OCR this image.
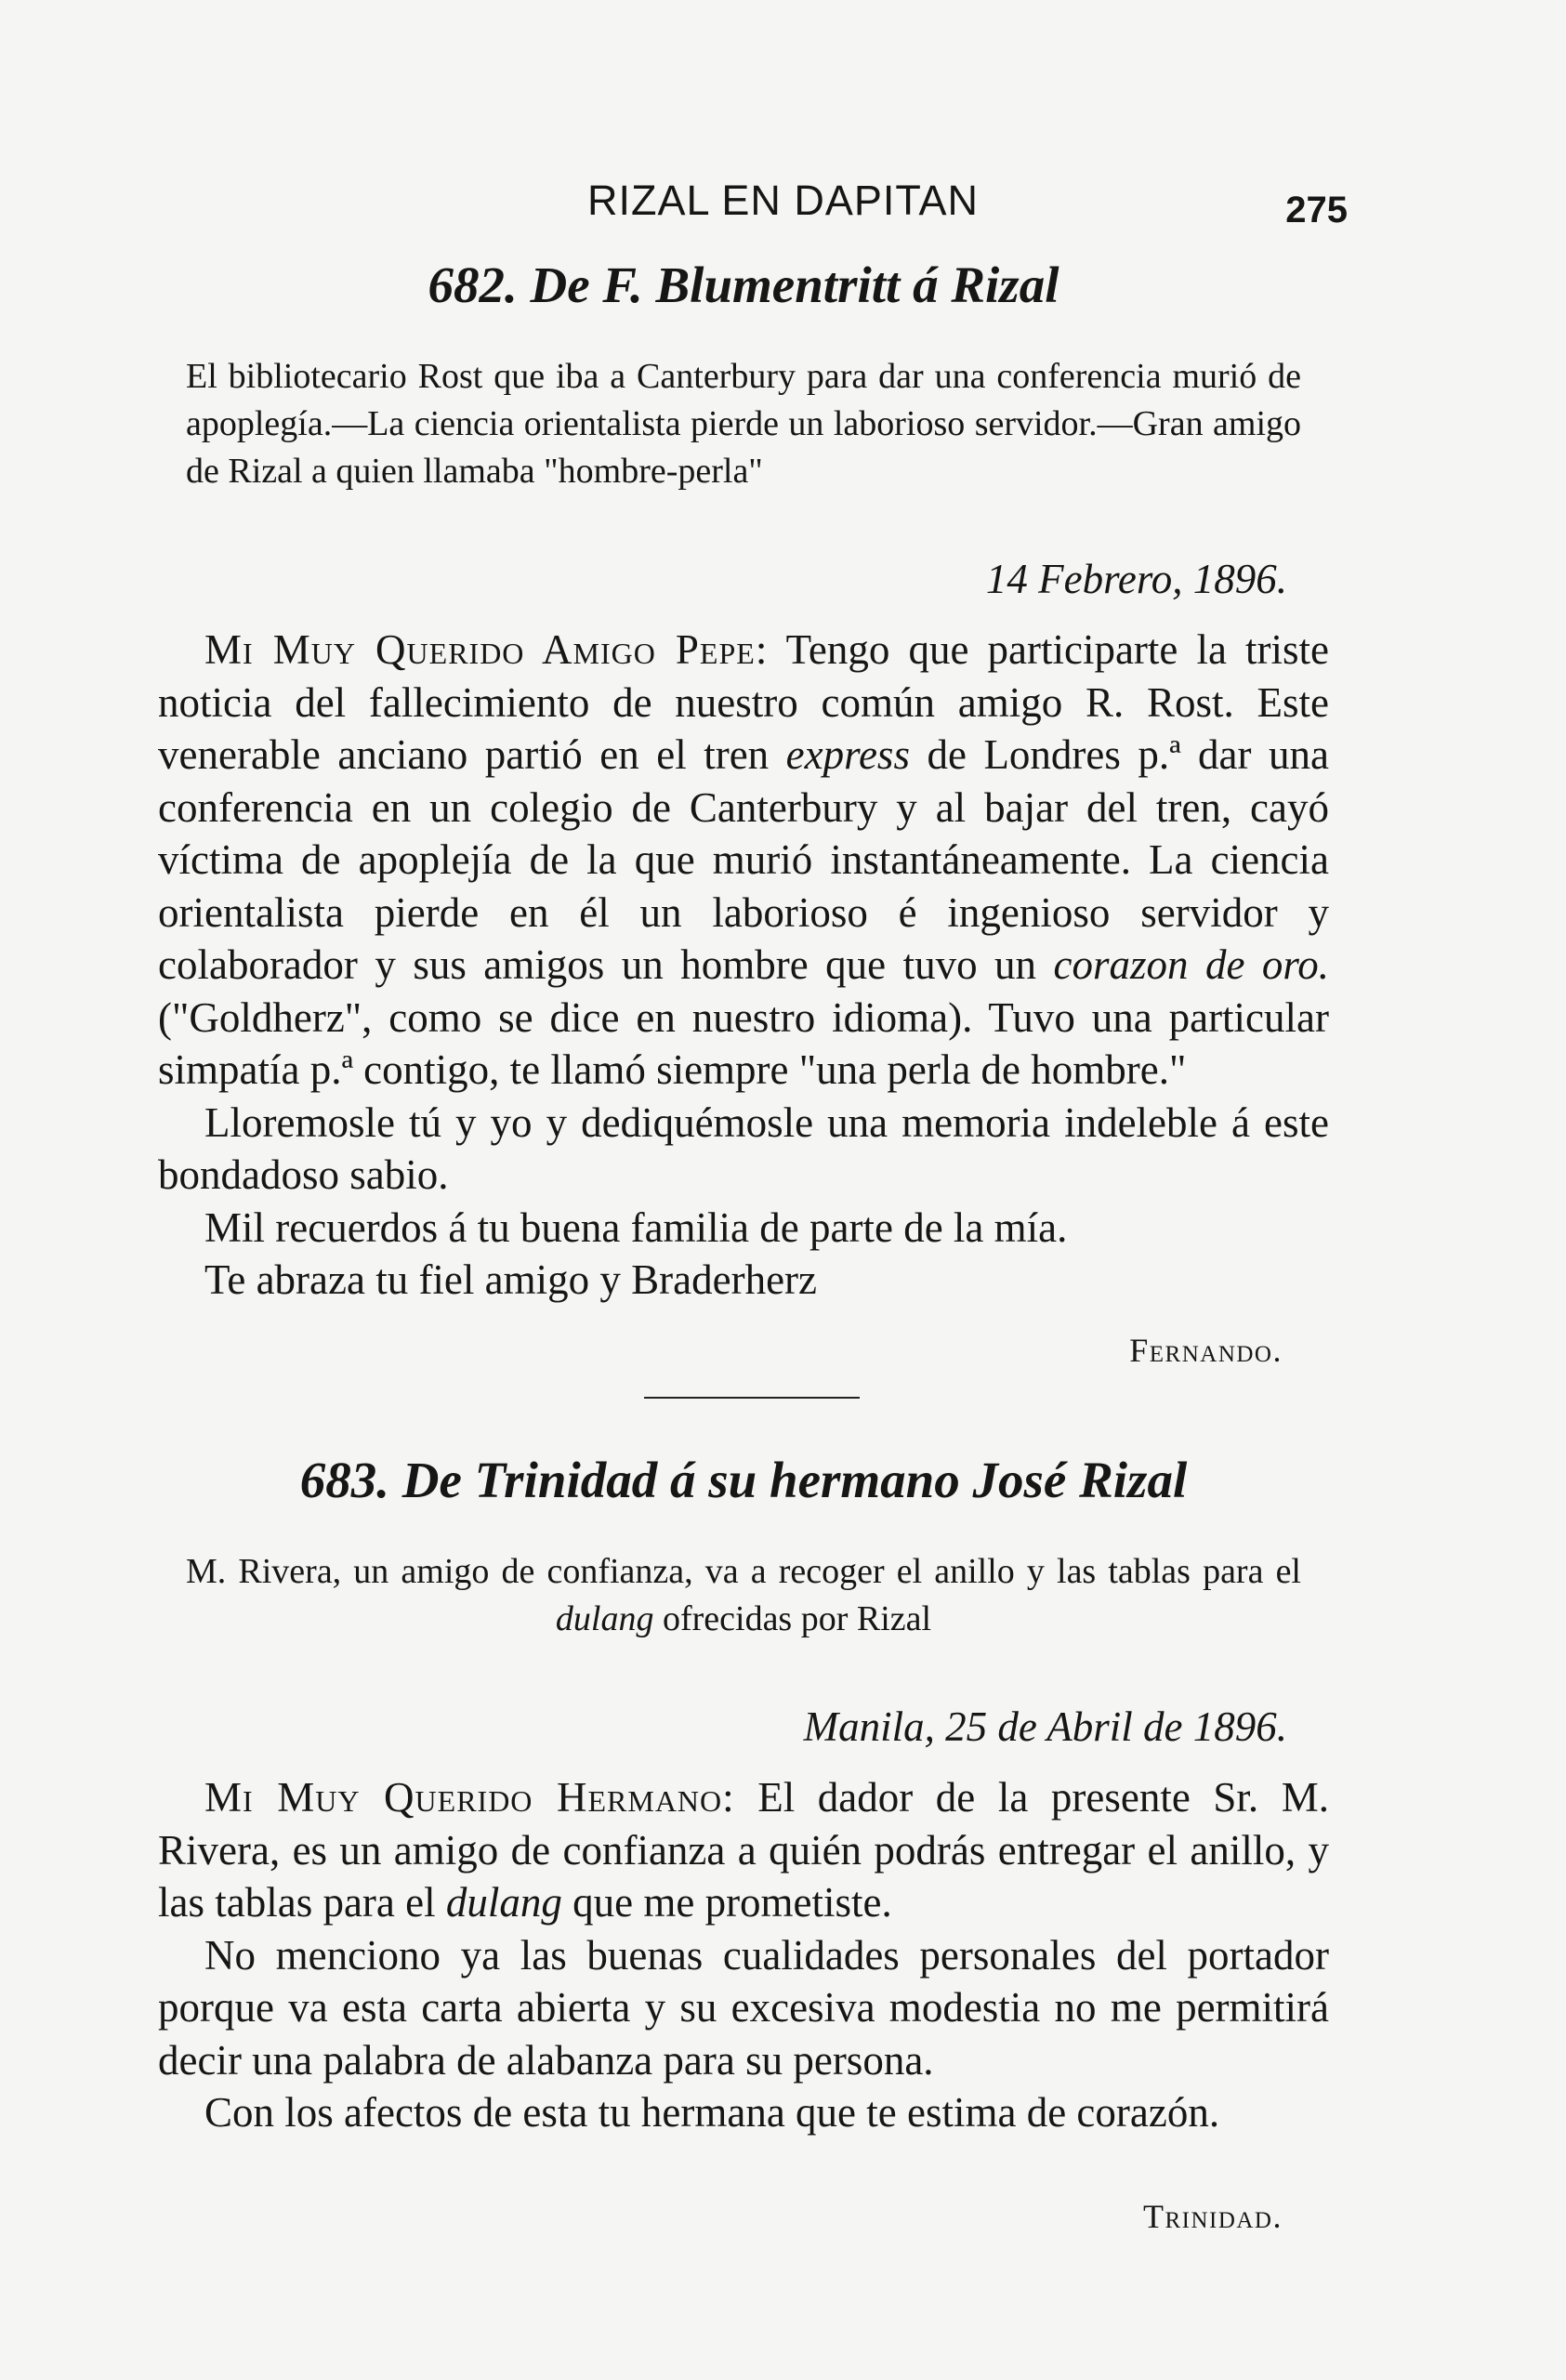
RIZAL EN DAPITAN	275
682. De F. Blumentritt á Rizal

El bibliotecario Rost que iba a Canterbury para dar una conferencia murió de apoplegía.—La ciencia orientalista pierde un laborioso servidor.—Gran amigo de Rizal a quien llamaba "hombre-perla"

14 Febrero, 1896.

Mi Muy Querido Amigo Pepe: Tengo que participarte la triste noticia del fallecimiento de nuestro común amigo R. Rost. Este venerable anciano partió en el tren express de Londres p.ª dar una conferencia en un colegio de Canterbury y al bajar del tren, cayó víctima de apoplejía de la que murió instantáneamente. La ciencia orientalista pierde en él un laborioso é ingenioso servidor y colaborador y sus amigos un hombre que tuvo un corazon de oro. ("Goldherz", como se dice en nuestro idioma). Tuvo una particular simpatía p.ª contigo, te llamó siempre "una perla de hombre."

Lloremosle tú y yo y dediquémosle una memoria indeleble á este bondadoso sabio.

Mil recuerdos á tu buena familia de parte de la mía.

Te abraza tu fiel amigo y Braderherz

Fernando.
683. De Trinidad á su hermano José Rizal

M. Rivera, un amigo de confianza, va a recoger el anillo y las tablas para el dulang ofrecidas por Rizal

Manila, 25 de Abril de 1896.

Mi Muy Querido Hermano: El dador de la presente Sr. M. Rivera, es un amigo de confianza a quién podrás entregar el anillo, y las tablas para el dulang que me prometiste.

No menciono ya las buenas cualidades personales del portador porque va esta carta abierta y su excesiva modestia no me permitirá decir una palabra de alabanza para su persona.

Con los afectos de esta tu hermana que te estima de corazón.

Trinidad.
